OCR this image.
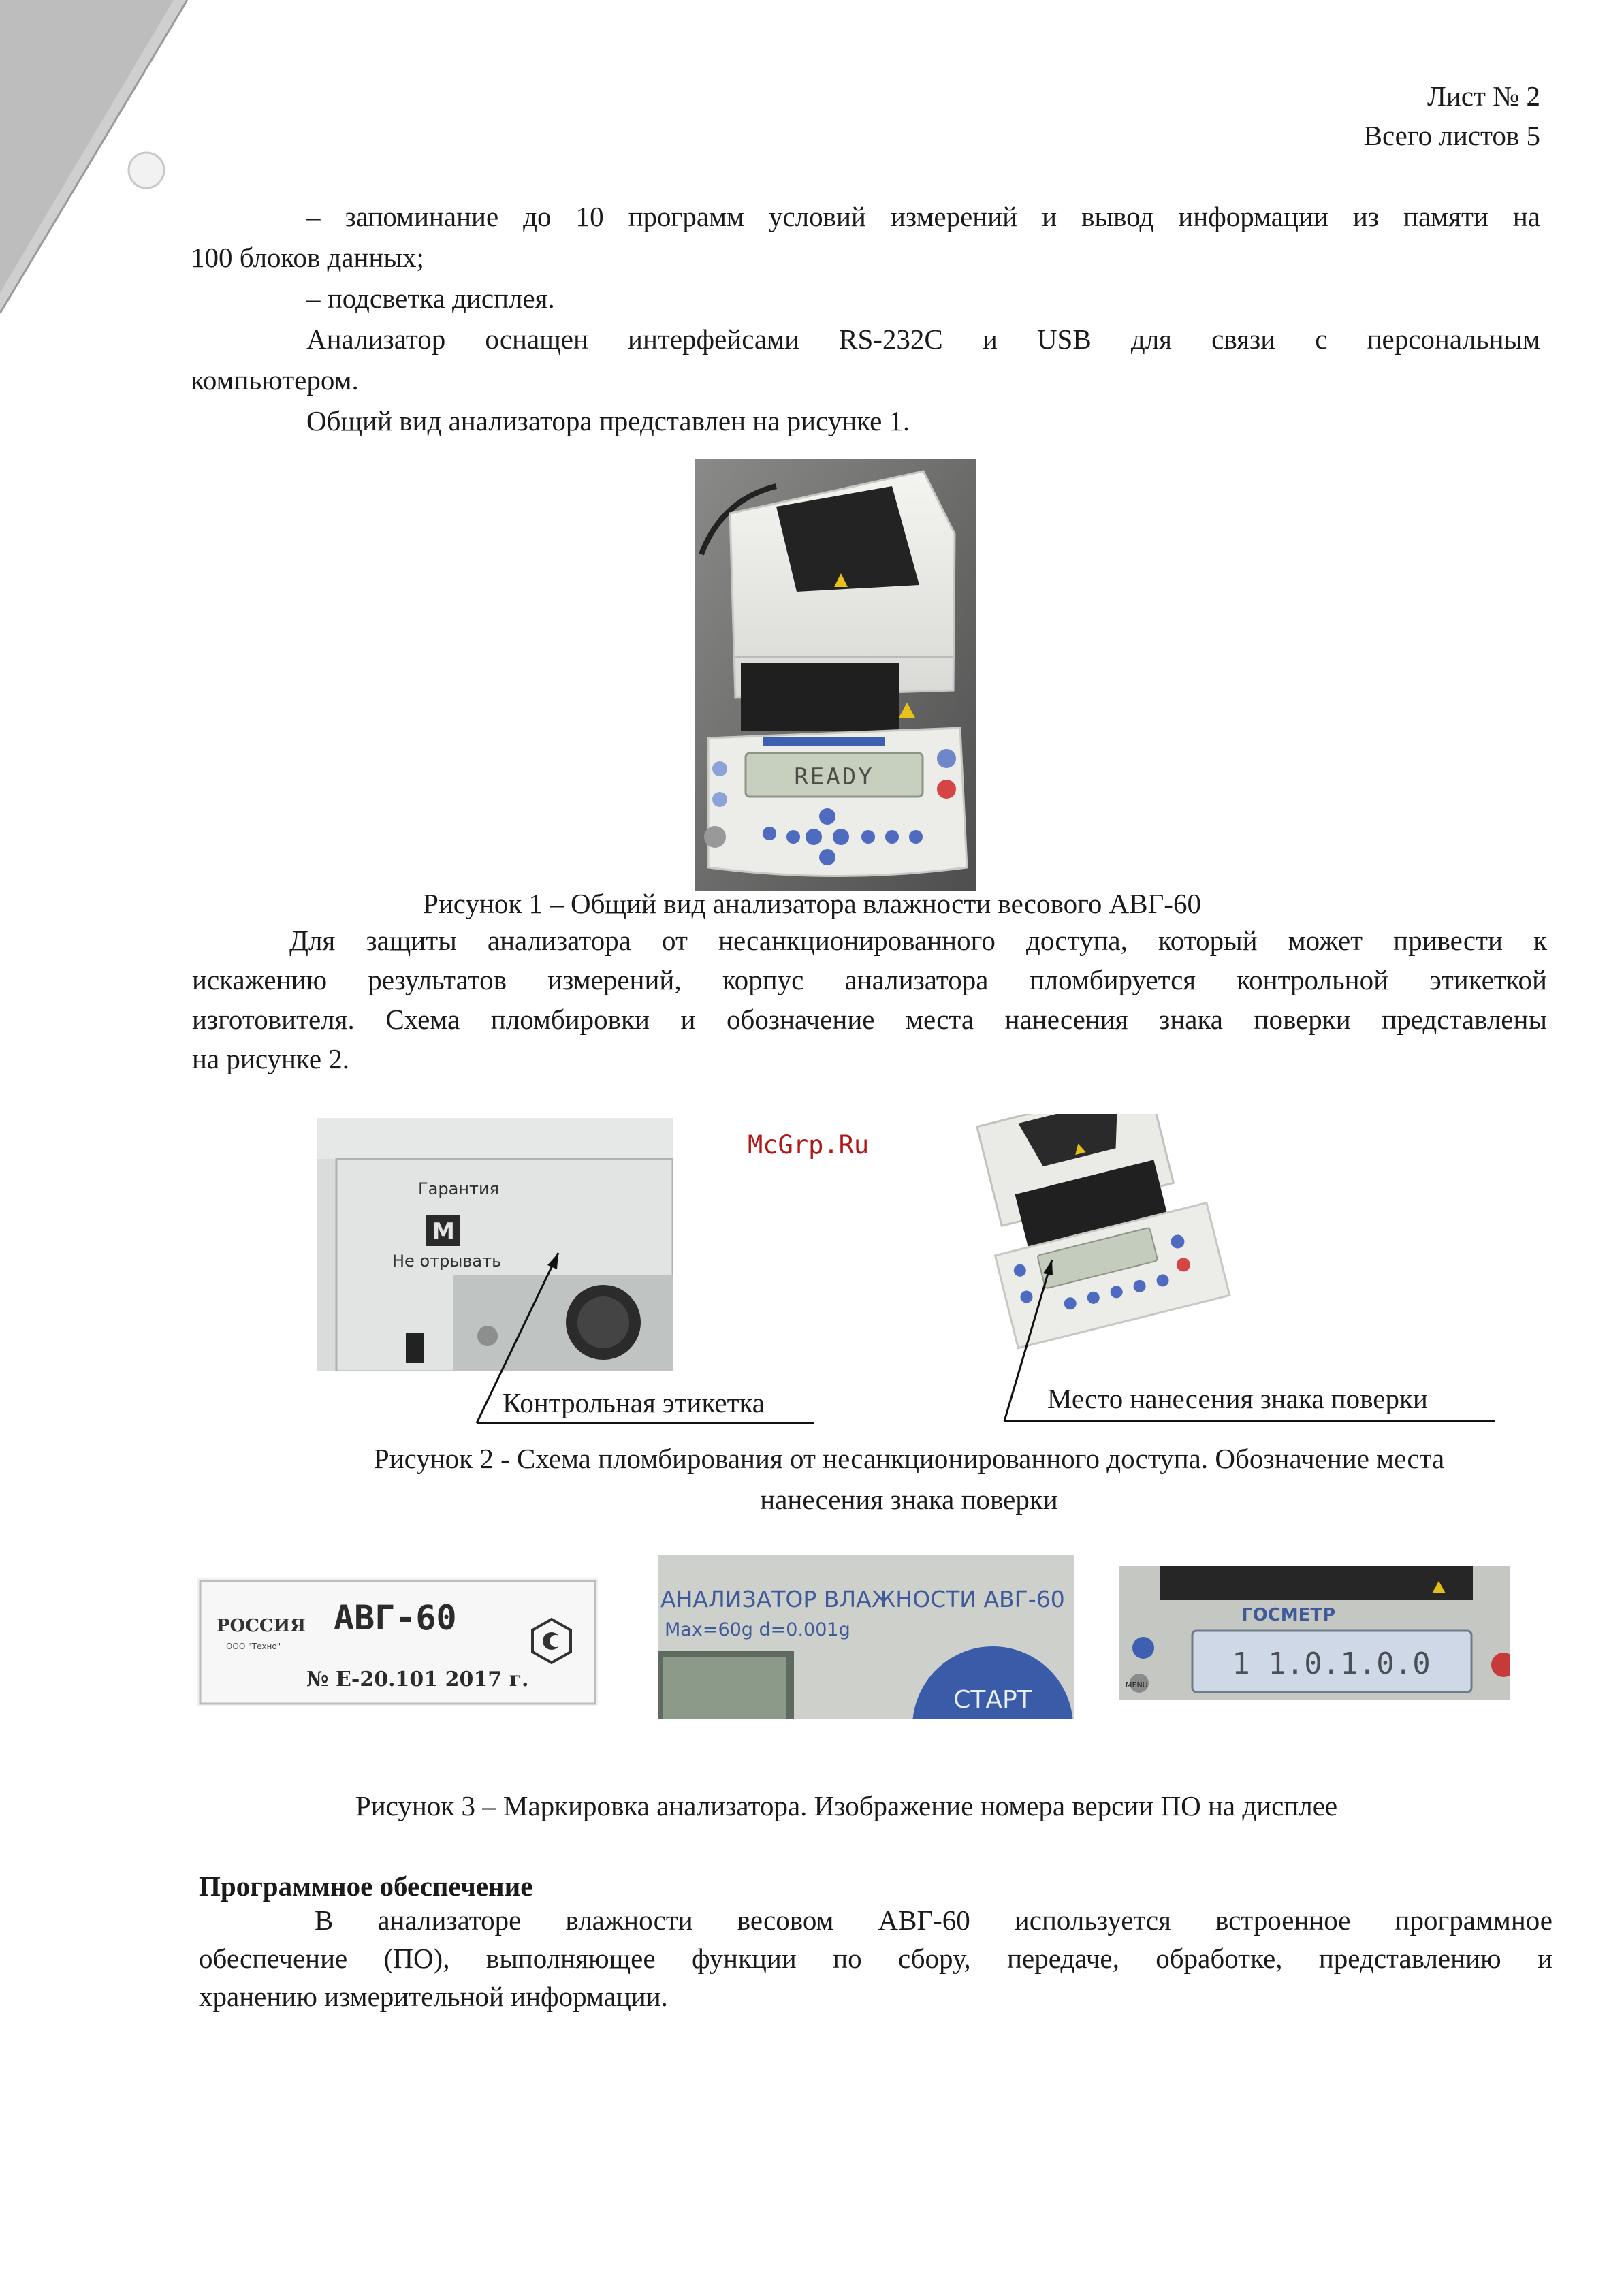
Лист № 2
Всего листов 5
– запоминание до 10 программ условий измерений и вывод информации из памяти на
100 блоков данных;
– подсветка дисплея.
Анализатор оснащен интерфейсами RS-232C и USB для связи с персональным
компьютером.
Общий вид анализатора представлен на рисунке 1.
READY
Рисунок 1 – Общий вид анализатора влажности весового АВГ-60
Для защиты анализатора от несанкционированного доступа, который может привести к
искажению результатов измерений, корпус анализатора пломбируется контрольной этикеткой
изготовителя. Схема пломбировки и обозначение места нанесения знака поверки представлены
на рисунке 2.
M
Гарантия
Не отрывать
McGrp.Ru
Контрольная этикетка	Место нанесения знака поверки
Рисунок 2 - Схема пломбирования от несанкционированного доступа. Обозначение места
нанесения знака поверки
РОССИЯ
ООО "Техно"
АВГ-60
№ Е-20.101 2017 г.
АНАЛИЗАТОР ВЛАЖНОСТИ АВГ-60
Max=60g d=0.001g
СТАРТ
ГОСМЕТР
1 1.0.1.0.0
MENU
Рисунок 3 – Маркировка анализатора. Изображение номера версии ПО на дисплее
Программное обеспечение
В анализаторе влажности весовом АВГ-60 используется встроенное программное
обеспечение (ПО), выполняющее функции по сбору, передаче, обработке, представлению и
хранению измерительной информации.
